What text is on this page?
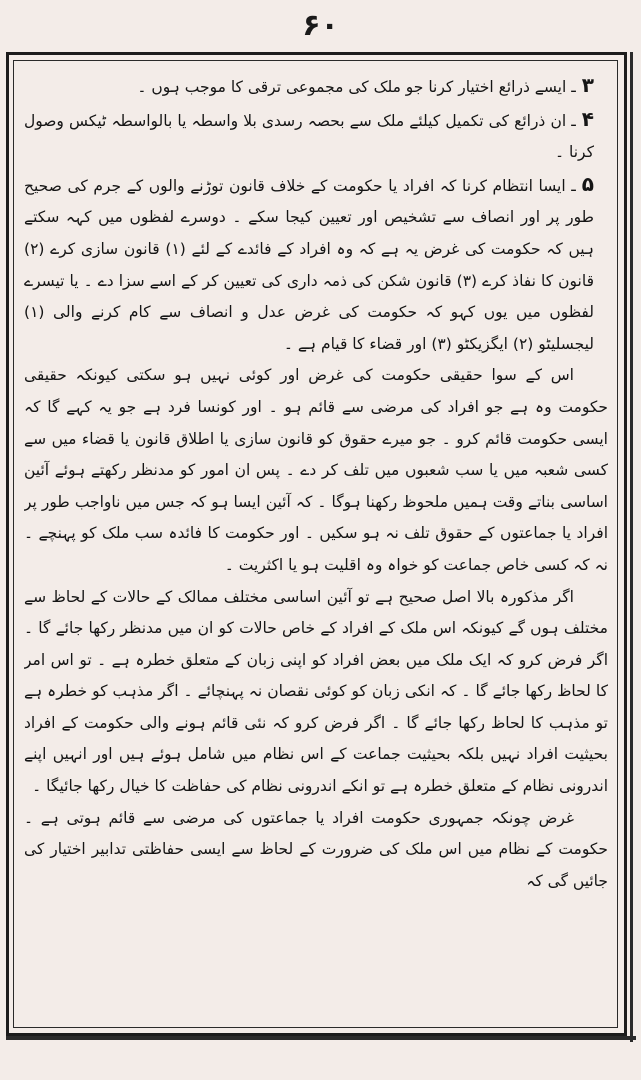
۶۰

۳ـ ایسے ذرائع اختیار کرنا جو ملک کی مجموعی ترقی کا موجب ہوں ۔

۴ـ ان ذرائع کی تکمیل کیلئے ملک سے بحصہ رسدی بلا واسطہ یا بالواسطہ ٹیکس وصول کرنا ۔

۵ـ ایسا انتظام کرنا کہ افراد یا حکومت کے خلاف قانون توڑنے والوں کے جرم کی صحیح طور پر اور انصاف سے تشخیص اور تعیین کیجا سکے ۔ دوسرے لفظوں میں کہہ سکتے ہیں کہ حکومت کی غرض یہ ہے کہ وہ افراد کے فائدے کے لئے (۱) قانون سازی کرے (۲) قانون کا نفاذ کرے (۳) قانون شکن کی ذمہ داری کی تعیین کر کے اسے سزا دے ۔ یا تیسرے لفظوں میں یوں کہو کہ حکومت کی غرض عدل و انصاف سے کام کرنے والی (۱) لیجسلیٹو (۲) ایگزیکٹو (۳) اور قضاء کا قیام ہے ۔

اس کے سوا حقیقی حکومت کی غرض اور کوئی نہیں ہو سکتی کیونکہ حقیقی حکومت وہ ہے جو افراد کی مرضی سے قائم ہو ۔ اور کونسا فرد ہے جو یہ کہے گا کہ ایسی حکومت قائم کرو ۔ جو میرے حقوق کو قانون سازی یا اطلاق قانون یا قضاء میں سے کسی شعبہ میں یا سب شعبوں میں تلف کر دے ۔ پس ان امور کو مدنظر رکھتے ہوئے آئین اساسی بناتے وقت ہمیں ملحوظ رکھنا ہوگا ۔ کہ آئین ایسا ہو کہ جس میں ناواجب طور پر افراد یا جماعتوں کے حقوق تلف نہ ہو سکیں ۔ اور حکومت کا فائدہ سب ملک کو پہنچے ۔ نہ کہ کسی خاص جماعت کو خواہ وہ اقلیت ہو یا اکثریت ۔

اگر مذکورہ بالا اصل صحیح ہے تو آئین اساسی مختلف ممالک کے حالات کے لحاظ سے مختلف ہوں گے کیونکہ اس ملک کے افراد کے خاص حالات کو ان میں مدنظر رکھا جائے گا ۔ اگر فرض کرو کہ ایک ملک میں بعض افراد کو اپنی زبان کے متعلق خطرہ ہے ۔ تو اس امر کا لحاظ رکھا جائے گا ۔ کہ انکی زبان کو کوئی نقصان نہ پہنچائے ۔ اگر مذہب کو خطرہ ہے تو مذہب کا لحاظ رکھا جائے گا ۔ اگر فرض کرو کہ نئی قائم ہونے والی حکومت کے افراد بحیثیت افراد نہیں بلکہ بحیثیت جماعت کے اس نظام میں شامل ہوئے ہیں اور انہیں اپنے اندرونی نظام کے متعلق خطرہ ہے تو انکے اندرونی نظام کی حفاظت کا خیال رکھا جائیگا ۔

غرض چونکہ جمہوری حکومت افراد یا جماعتوں کی مرضی سے قائم ہوتی ہے ۔ حکومت کے نظام میں اس ملک کی ضرورت کے لحاظ سے ایسی حفاظتی تدابیر اختیار کی جائیں گی کہ
